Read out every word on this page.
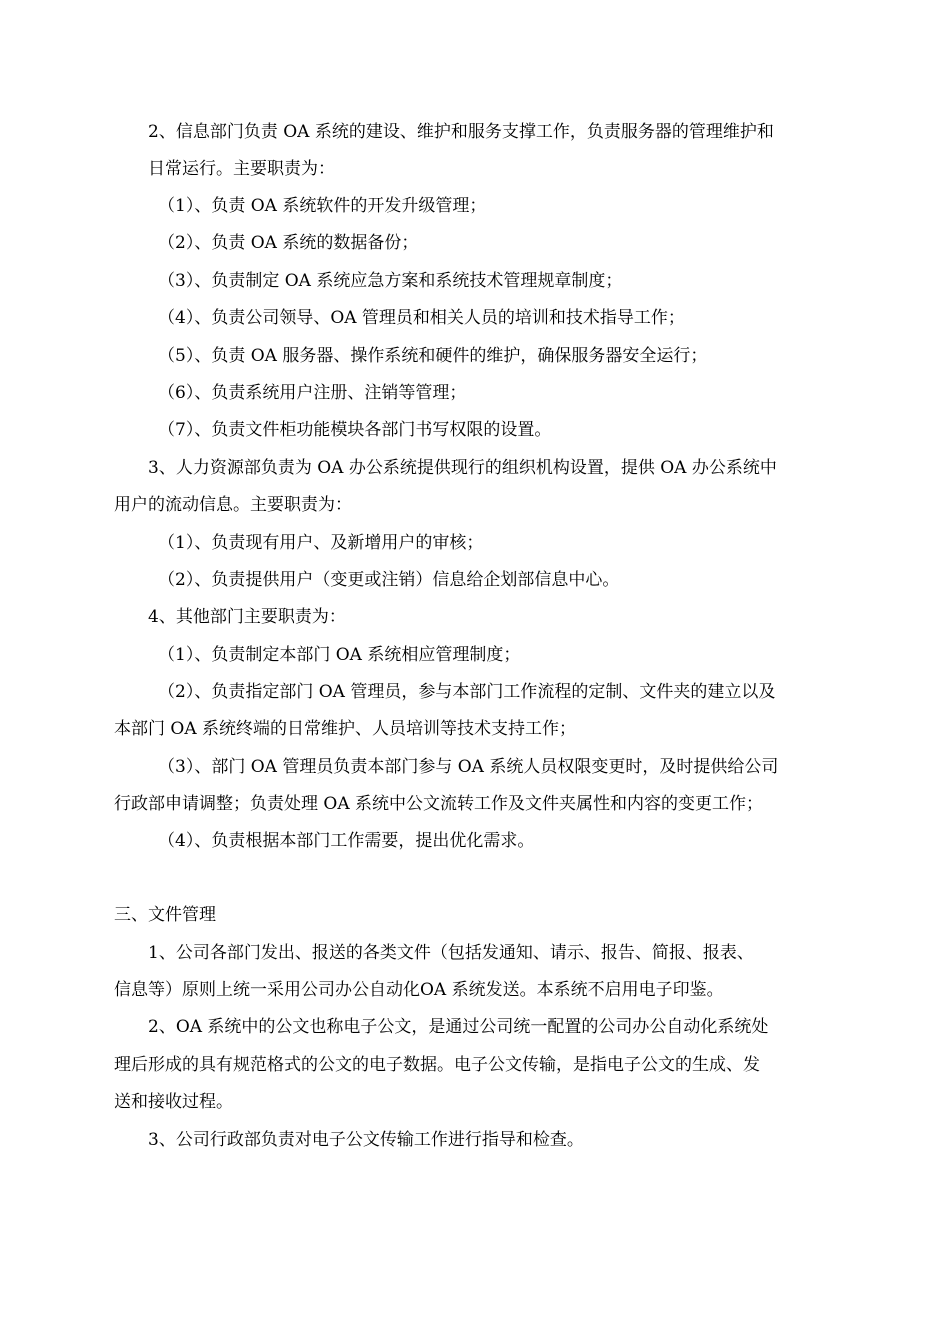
2、信息部门负责 OA 系统的建设、维护和服务支撑工作，负责服务器的管理维护和
日常运行。主要职责为：
（1）、负责 OA 系统软件的开发升级管理；
（2）、负责 OA 系统的数据备份；
（3）、负责制定 OA 系统应急方案和系统技术管理规章制度；
（4）、负责公司领导、OA 管理员和相关人员的培训和技术指导工作；
（5）、负责 OA 服务器、操作系统和硬件的维护，确保服务器安全运行；
（6）、负责系统用户注册、注销等管理；
（7）、负责文件柜功能模块各部门书写权限的设置。
3、人力资源部负责为 OA 办公系统提供现行的组织机构设置，提供 OA 办公系统中
用户的流动信息。主要职责为：
（1）、负责现有用户、及新增用户的审核；
（2）、负责提供用户（变更或注销）信息给企划部信息中心。
4、其他部门主要职责为：
（1）、负责制定本部门 OA 系统相应管理制度；
（2）、负责指定部门 OA 管理员，参与本部门工作流程的定制、文件夹的建立以及
本部门 OA 系统终端的日常维护、人员培训等技术支持工作；
（3）、部门 OA 管理员负责本部门参与 OA 系统人员权限变更时，及时提供给公司
行政部申请调整；负责处理 OA 系统中公文流转工作及文件夹属性和内容的变更工作；
（4）、负责根据本部门工作需要，提出优化需求。
三、文件管理
1、公司各部门发出、报送的各类文件（包括发通知、请示、报告、简报、报表、
信息等）原则上统一采用公司办公自动化OA 系统发送。本系统不启用电子印鉴。
2、OA 系统中的公文也称电子公文，是通过公司统一配置的公司办公自动化系统处
理后形成的具有规范格式的公文的电子数据。电子公文传输，是指电子公文的生成、发
送和接收过程。
3、公司行政部负责对电子公文传输工作进行指导和检查。
